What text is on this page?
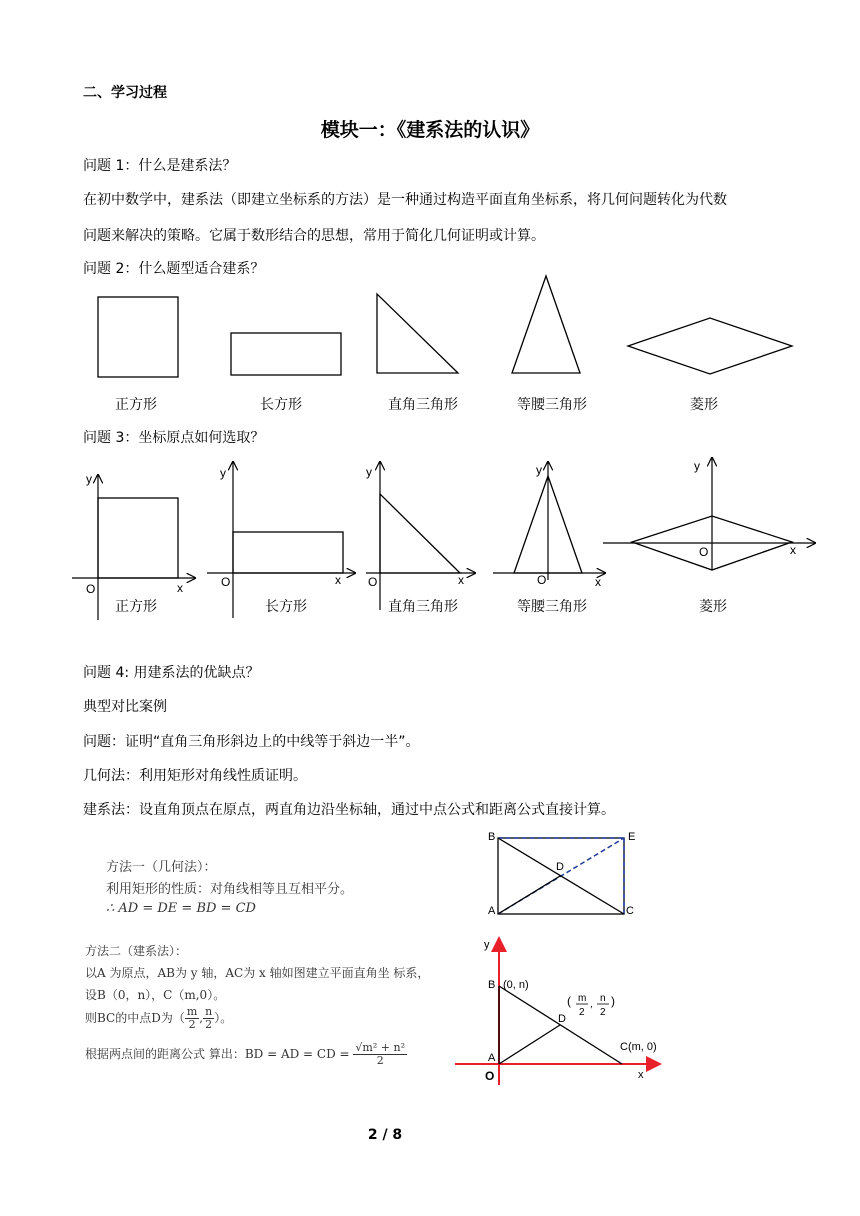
二、学习过程
模块一：《建系法的认识》
问题 1：什么是建系法？
在初中数学中，建系法（即建立坐标系的方法）是一种通过构造平面直角坐标系，将几何问题转化为代数
问题来解决的策略。它属于数形结合的思想，常用于简化几何证明或计算。
问题 2：什么题型适合建系？
正方形	长方形	直角三角形	等腰三角形	菱形
问题 3：坐标原点如何选取？
y
O	x
y
O	x
y
O	x
y
O	x
y
O	x
正方形	长方形	直角三角形	等腰三角形	菱形
问题 4: 用建系法的优缺点？
典型对比案例
问题：证明“直角三角形斜边上的中线等于斜边一半”。
几何法：利用矩形对角线性质证明。
建系法：设直角顶点在原点，两直角边沿坐标轴，通过中点公式和距离公式直接计算。
方法一（几何法）：
利用矩形的性质：对角线相等且互相平分。
∴ AD = DE = BD = CD
B	E
D
A	C
方法二（建系法）：
以A 为原点，AB为 y 轴，AC为 x 轴如图建立平面直角坐 标系，
设B（0，n），C（m,0）。
则BC的中点D为（ $\frac{m}{2}$ , $\frac{n}{2}$ ）。
根据两点间的距离公式 算出：BD = AD = CD = $\frac{\text{√m² + n²}}{2}$
y
x
O
A
B (0, n)
D
C(m, 0)
( m
2
,
n
2
)
2 / 8
